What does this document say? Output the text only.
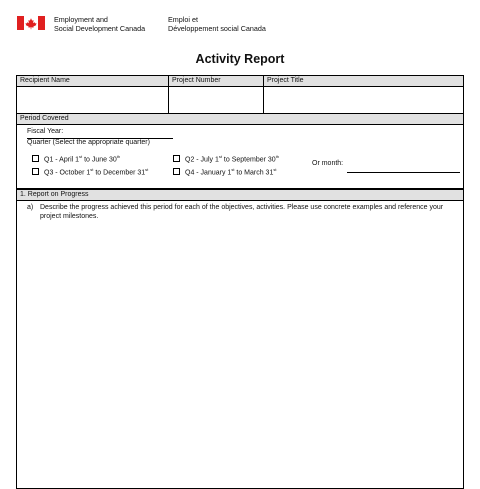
Employment and
Social Development Canada
Emploi et
Développement social Canada
Activity Report
Recipient Name	Project Number	Project Title
Period Covered
Fiscal Year:
Quarter (Select the appropriate quarter)
Q1 - April 1st to June 30th	Q2 - July 1st to September 30th
Q3 - October 1st to December 31st	Q4 - January 1st to March 31st
Or month:
1. Report on Progress
a) Describe the progress achieved this period for each of the objectives, activities. Please use concrete examples and reference your project milestones.
